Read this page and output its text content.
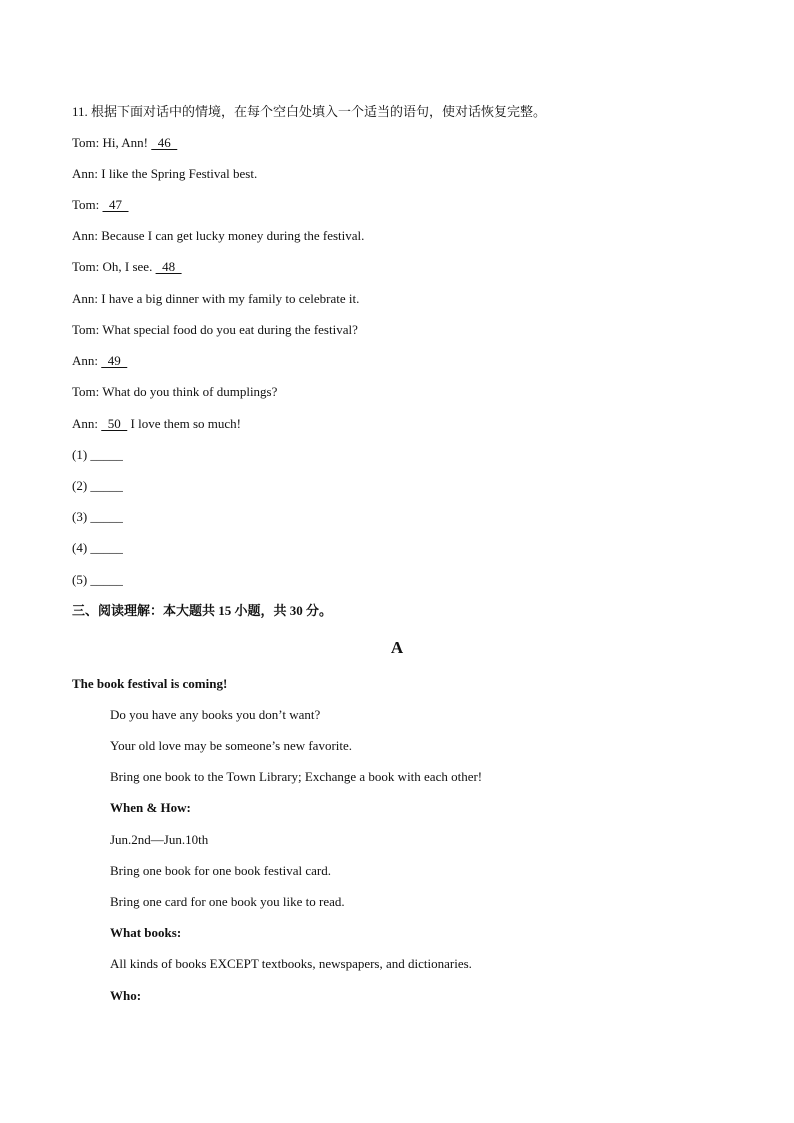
11. 根据下面对话中的情境，在每个空白处填入一个适当的语句，使对话恢复完整。
Tom: Hi, Ann!   46
Ann: I like the Spring Festival best.
Tom:   47
Ann: Because I can get lucky money during the festival.
Tom: Oh, I see.   48
Ann: I have a big dinner with my family to celebrate it.
Tom: What special food do you eat during the festival?
Ann:   49
Tom: What do you think of dumplings?
Ann:   50   I love them so much!
(1) _____
(2) _____
(3) _____
(4) _____
(5) _____
三、阅读理解：本大题共 15 小题，共 30 分。
A
The book festival is coming!
Do you have any books you don’t want?
Your old love may be someone’s new favorite.
Bring one book to the Town Library; Exchange a book with each other!
When & How:
Jun.2nd—Jun.10th
Bring one book for one book festival card.
Bring one card for one book you like to read.
What books:
All kinds of books EXCEPT textbooks, newspapers, and dictionaries.
Who:
